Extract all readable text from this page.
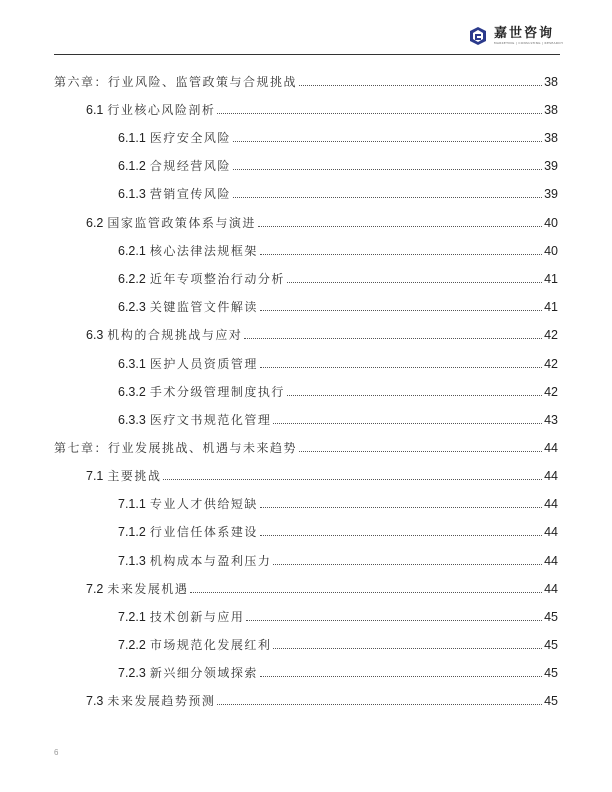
嘉世咨询
MARKETING | CONSULTING | RESEARCH
第六章：行业风险、监管政策与合规挑战	38
6.1 行业核心风险剖析	38
6.1.1 医疗安全风险	38
6.1.2 合规经营风险	39
6.1.3 营销宣传风险	39
6.2 国家监管政策体系与演进	40
6.2.1 核心法律法规框架	40
6.2.2 近年专项整治行动分析	41
6.2.3 关键监管文件解读	41
6.3 机构的合规挑战与应对	42
6.3.1 医护人员资质管理	42
6.3.2 手术分级管理制度执行	42
6.3.3 医疗文书规范化管理	43
第七章：行业发展挑战、机遇与未来趋势	44
7.1 主要挑战	44
7.1.1 专业人才供给短缺	44
7.1.2 行业信任体系建设	44
7.1.3 机构成本与盈利压力	44
7.2 未来发展机遇	44
7.2.1 技术创新与应用	45
7.2.2 市场规范化发展红利	45
7.2.3 新兴细分领域探索	45
7.3 未来发展趋势预测	45
6
